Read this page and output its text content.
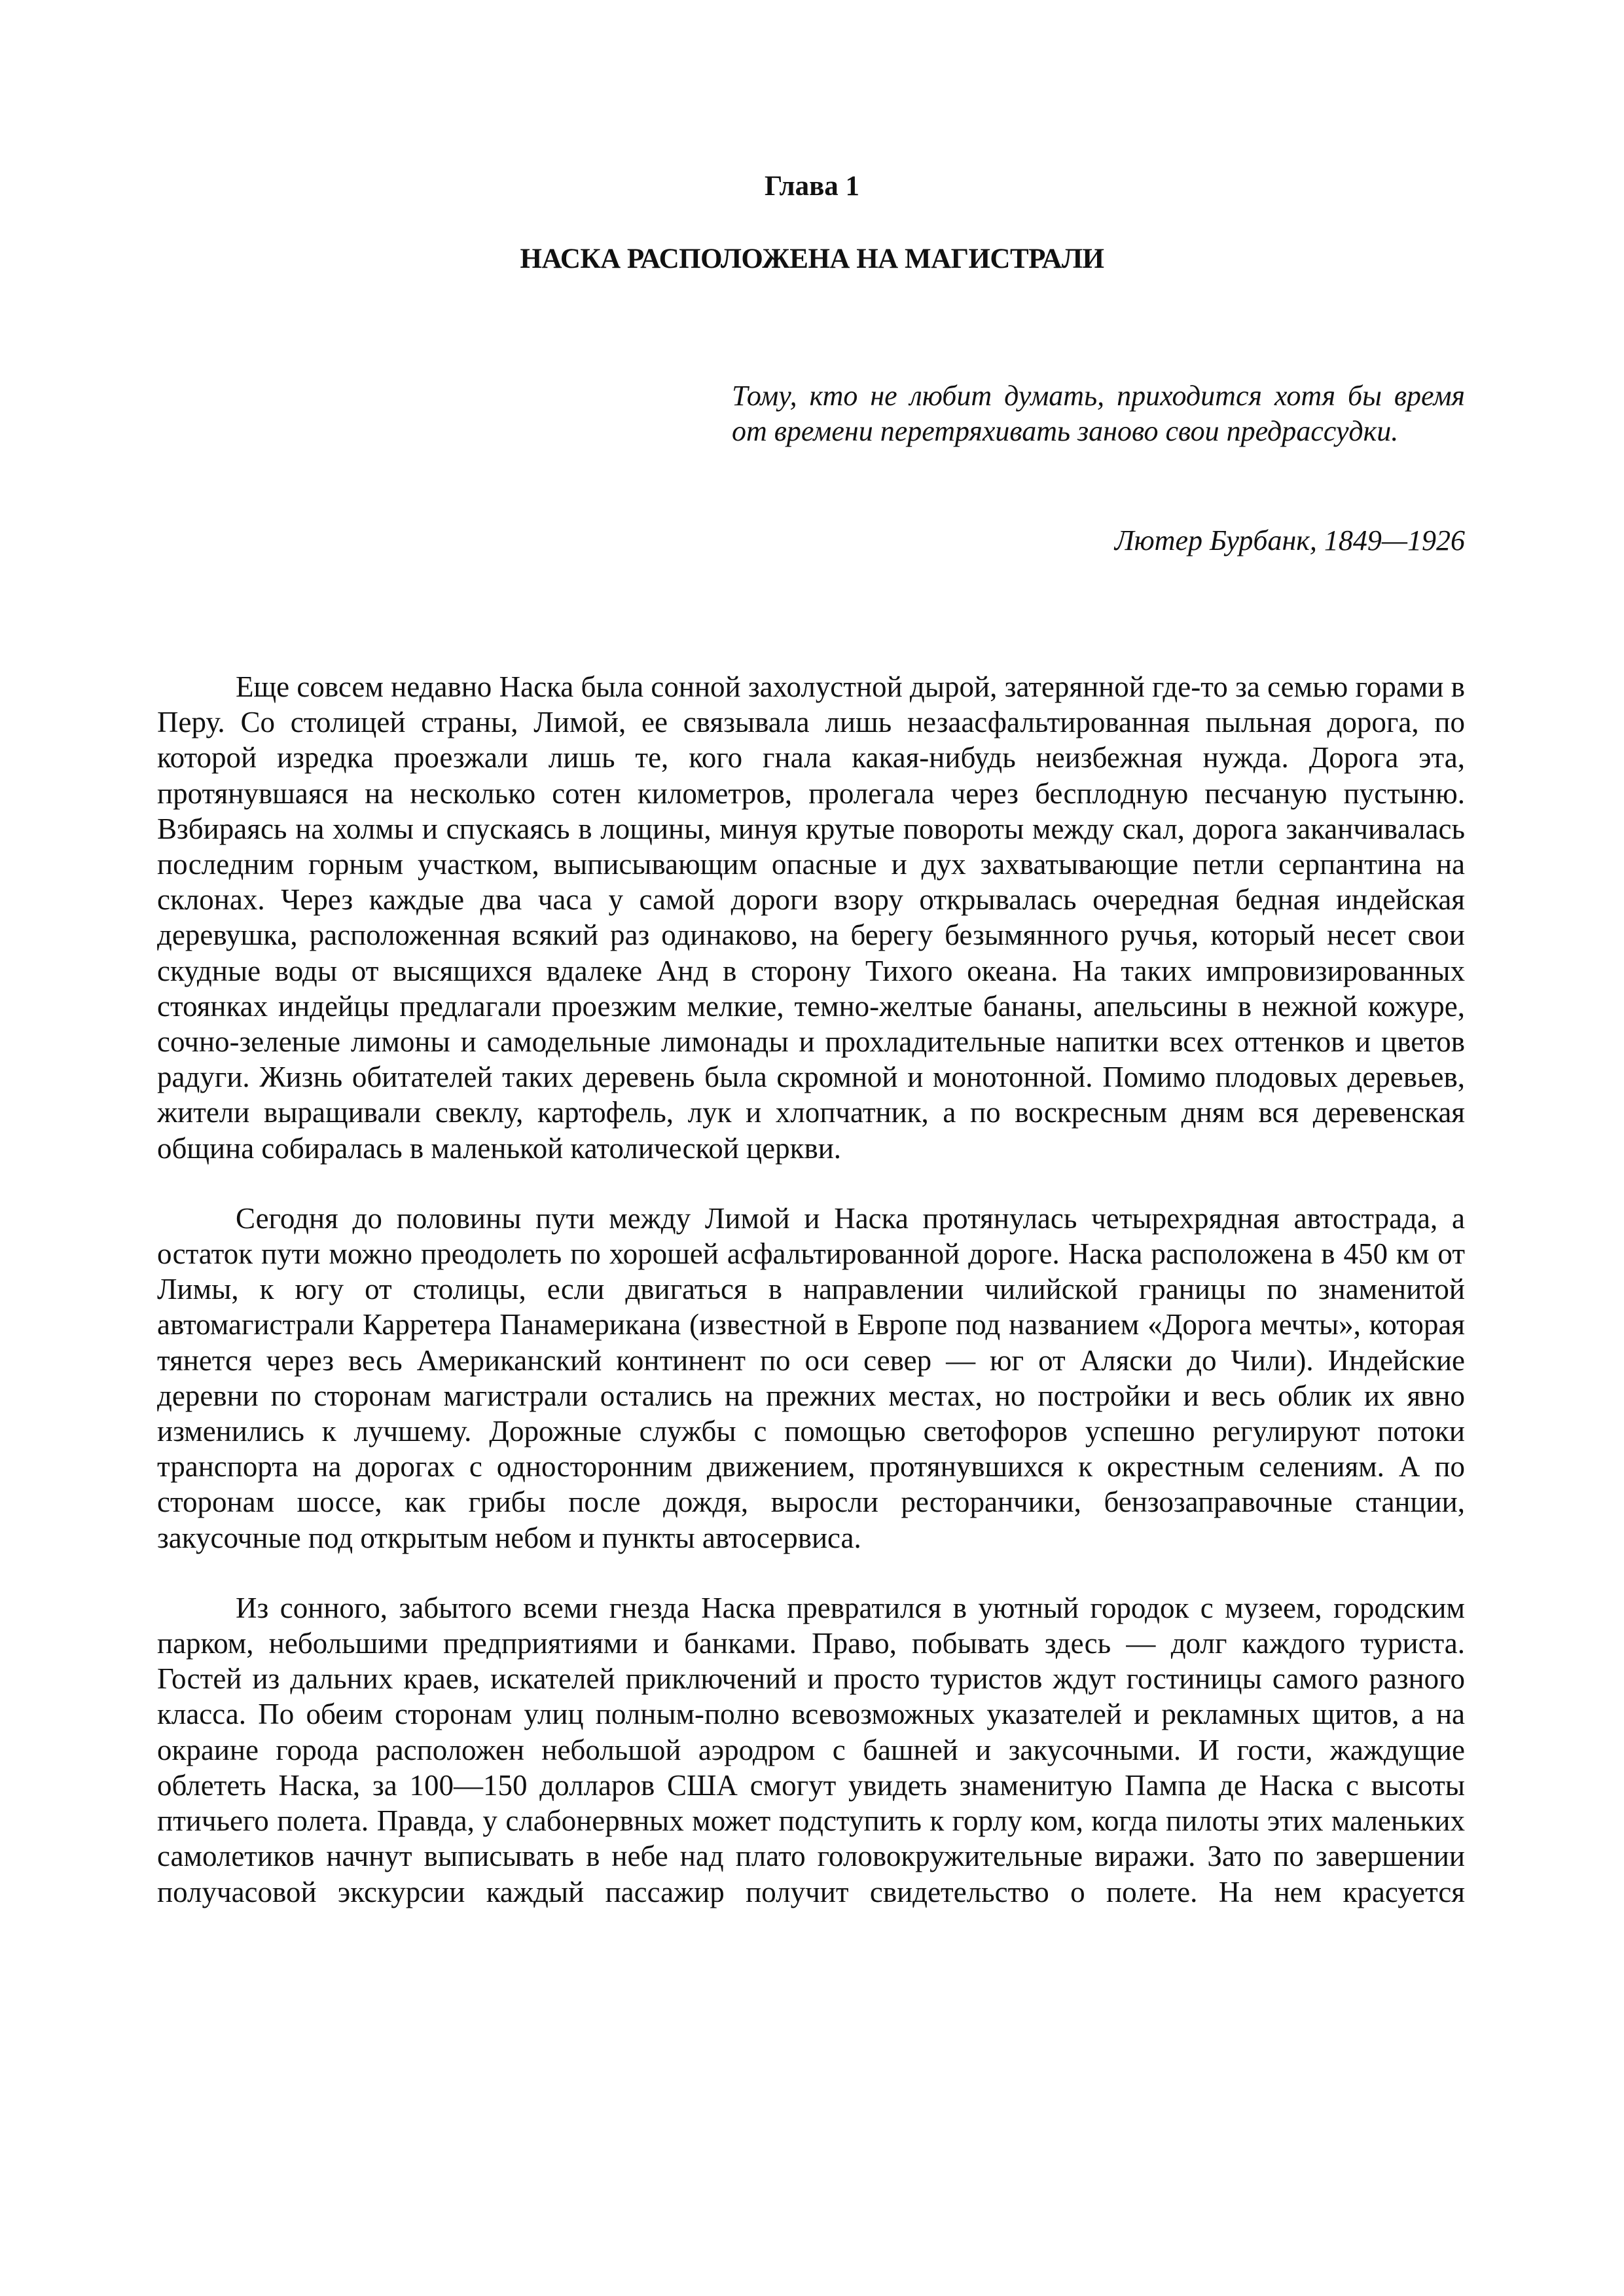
Глава 1

НАСКА РАСПОЛОЖЕНА НА МАГИСТРАЛИ

Тому, кто не любит думать, приходится хотя бы время от времени перетряхивать заново свои предрассудки.

Лютер Бурбанк, 1849—1926

Еще совсем недавно Наска была сонной захолустной дырой, затерянной где-то за семью горами в Перу. Со столицей страны, Лимой, ее связывала лишь незаасфальтированная пыльная дорога, по которой изредка проезжали лишь те, кого гнала какая-нибудь неизбежная нужда. Дорога эта, протянувшаяся на несколько сотен километров, пролегала через бесплодную песчаную пустыню. Взбираясь на холмы и спускаясь в лощины, минуя крутые повороты между скал, дорога заканчивалась последним горным участком, выписывающим опасные и дух захватывающие петли серпантина на склонах. Через каждые два часа у самой дороги взору открывалась очередная бедная индейская деревушка, расположенная всякий раз одинаково, на берегу безымянного ручья, который несет свои скудные воды от высящихся вдалеке Анд в сторону Тихого океана. На таких импровизированных стоянках индейцы предлагали проезжим мелкие, темно-желтые бананы, апельсины в нежной кожуре, сочно-зеленые лимоны и самодельные лимонады и прохладительные напитки всех оттенков и цветов радуги. Жизнь обитателей таких деревень была скромной и монотонной. Помимо плодовых деревьев, жители выращивали свеклу, картофель, лук и хлопчатник, а по воскресным дням вся деревенская община собиралась в маленькой католической церкви.

Сегодня до половины пути между Лимой и Наска протянулась четырехрядная автострада, а остаток пути можно преодолеть по хорошей асфальтированной дороге. Наска расположена в 450 км от Лимы, к югу от столицы, если двигаться в направлении чилийской границы по знаменитой автомагистрали Карретера Панамерикана (известной в Европе под названием «Дорога мечты», которая тянется через весь Американский континент по оси север — юг от Аляски до Чили). Индейские деревни по сторонам магистрали остались на прежних местах, но постройки и весь облик их явно изменились к лучшему. Дорожные службы с помощью светофоров успешно регулируют потоки транспорта на дорогах с односторонним движением, протянувшихся к окрестным селениям. А по сторонам шоссе, как грибы после дождя, выросли ресторанчики, бензозаправочные станции, закусочные под открытым небом и пункты автосервиса.

Из сонного, забытого всеми гнезда Наска превратился в уютный городок с музеем, городским парком, небольшими предприятиями и банками. Право, побывать здесь — долг каждого туриста. Гостей из дальних краев, искателей приключений и просто туристов ждут гостиницы самого разного класса. По обеим сторонам улиц полным-полно всевозможных указателей и рекламных щитов, а на окраине города расположен небольшой аэродром с башней и закусочными. И гости, жаждущие облететь Наска, за 100—150 долларов США смогут увидеть знаменитую Пампа де Наска с высоты птичьего полета. Правда, у слабонервных может подступить к горлу ком, когда пилоты этих маленьких самолетиков начнут выписывать в небе над плато головокружительные виражи. Зато по завершении получасовой экскурсии каждый пассажир получит свидетельство о полете. На нем красуется
